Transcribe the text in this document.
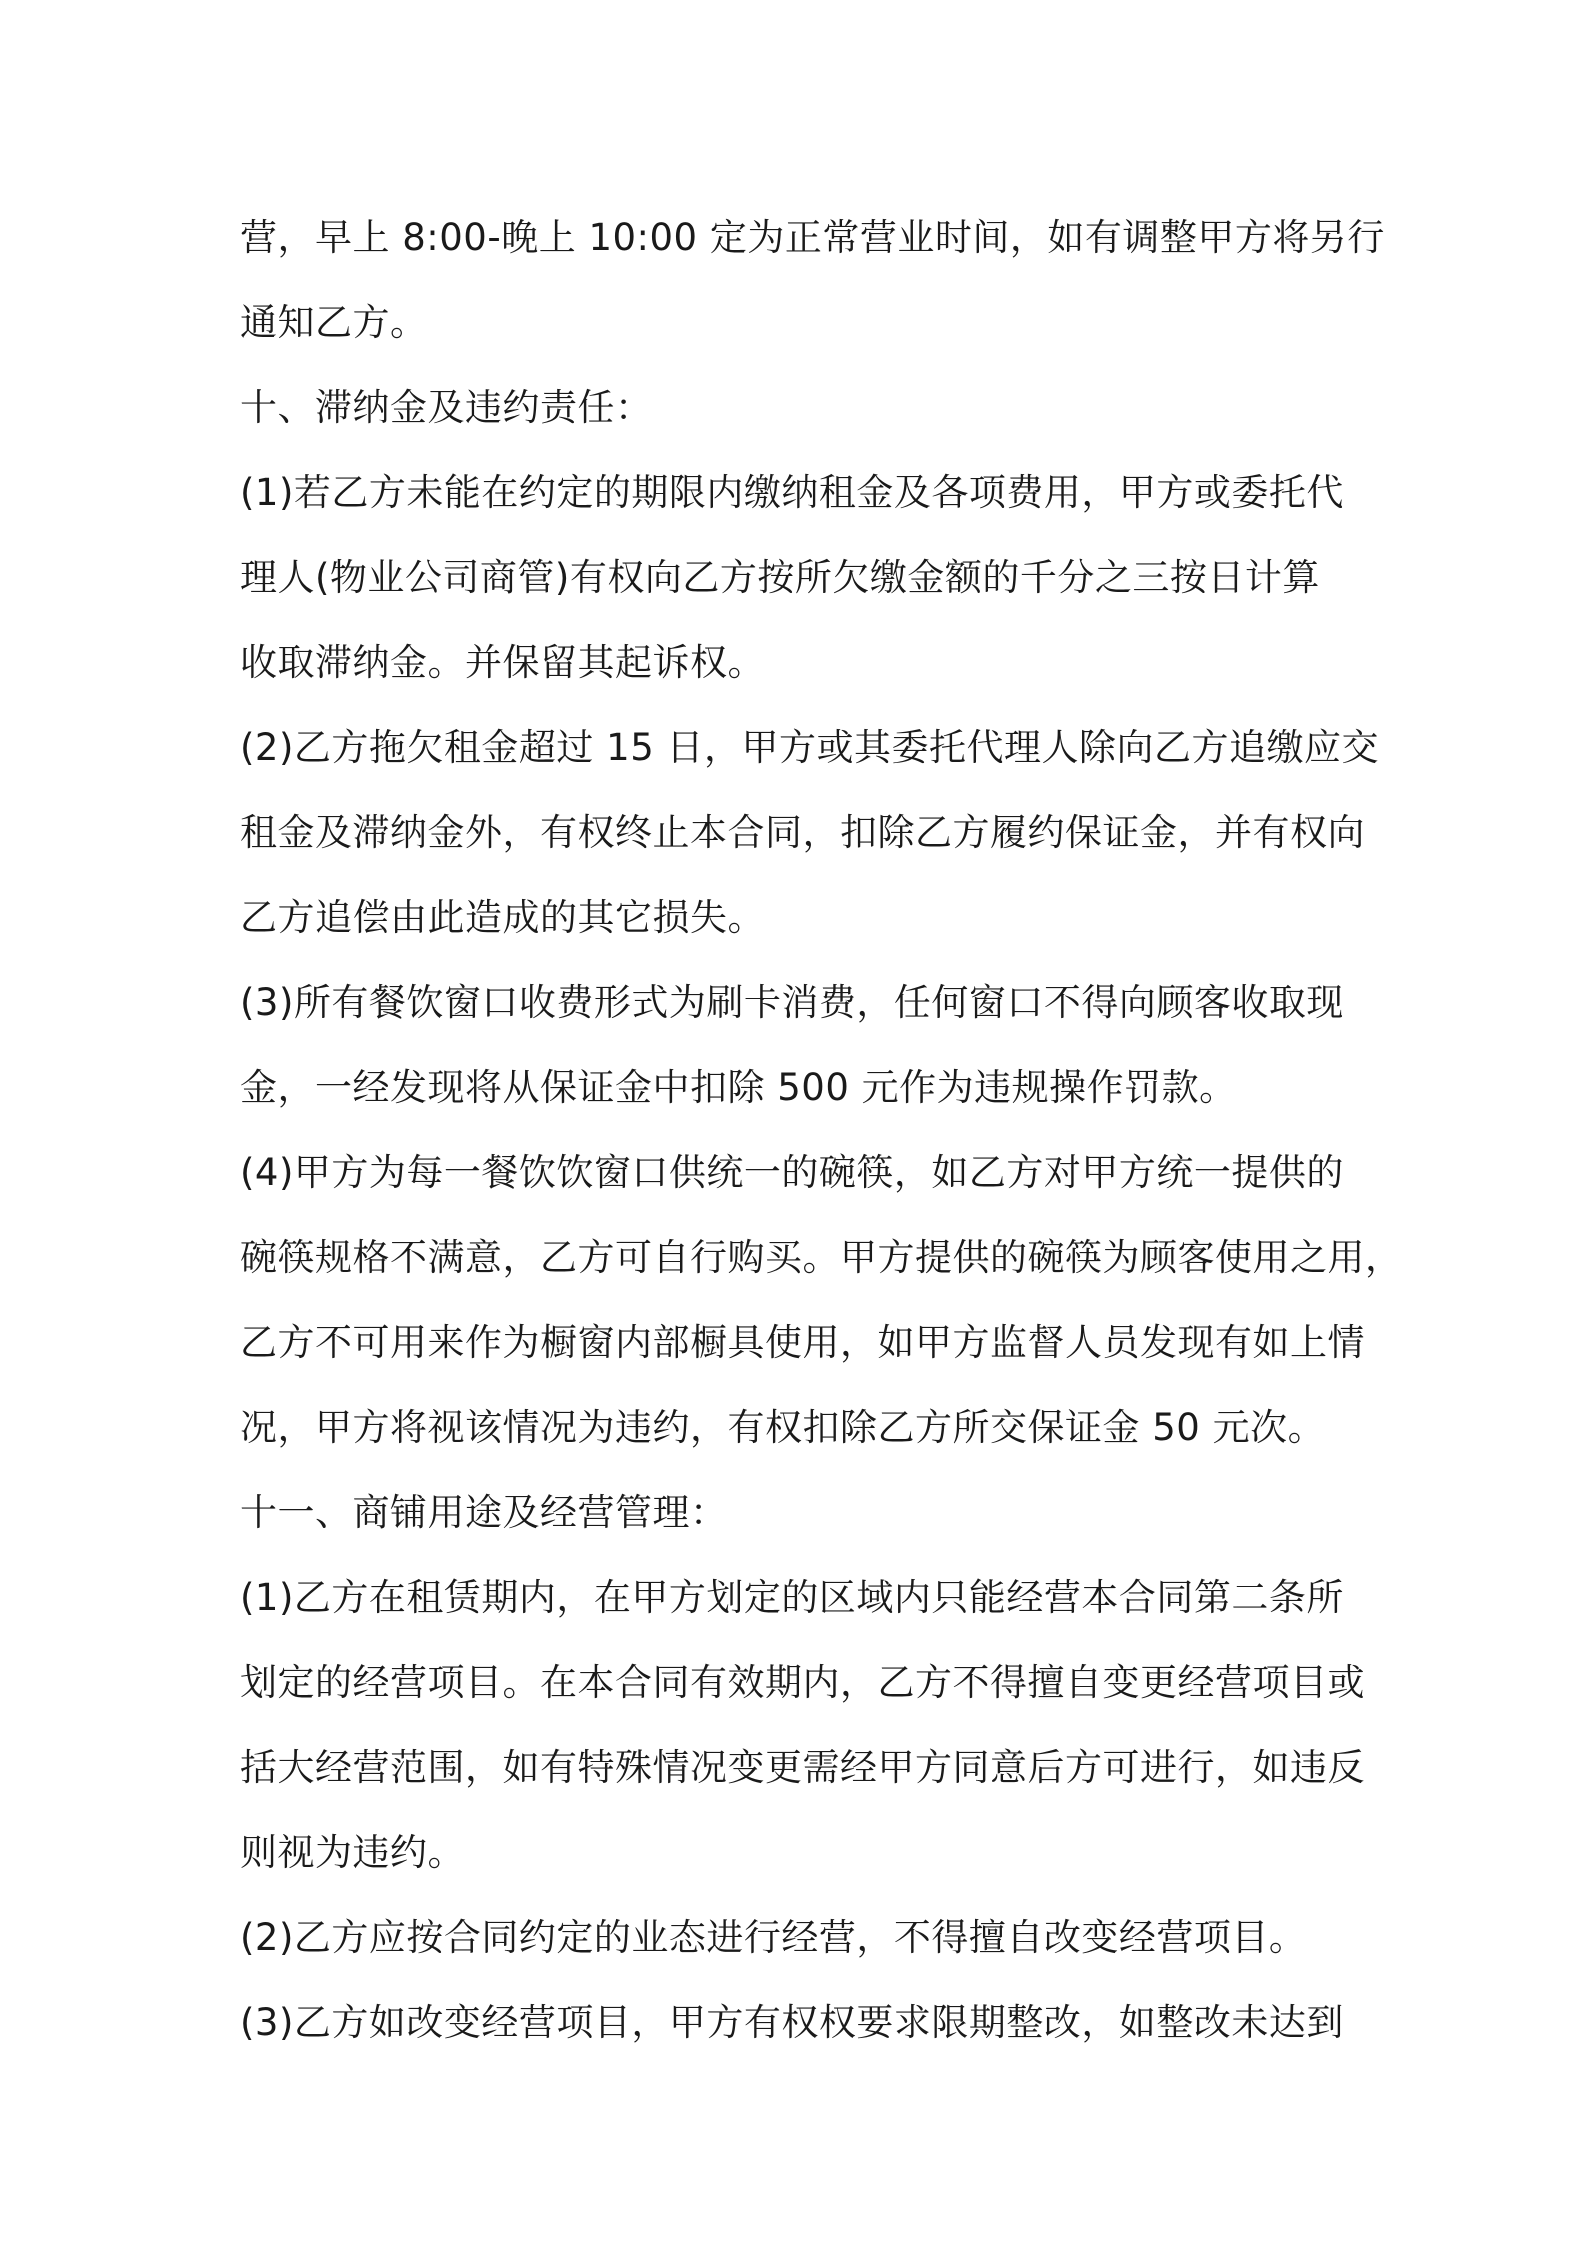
营，早上 8:00-晚上 10:00 定为正常营业时间，如有调整甲方将另行
通知乙方。
十、滞纳金及违约责任：
(1)若乙方未能在约定的期限内缴纳租金及各项费用，甲方或委托代
理人(物业公司商管)有权向乙方按所欠缴金额的千分之三按日计算
收取滞纳金。并保留其起诉权。
(2)乙方拖欠租金超过 15 日，甲方或其委托代理人除向乙方追缴应交
租金及滞纳金外，有权终止本合同，扣除乙方履约保证金，并有权向
乙方追偿由此造成的其它损失。
(3)所有餐饮窗口收费形式为刷卡消费，任何窗口不得向顾客收取现
金，一经发现将从保证金中扣除 500 元作为违规操作罚款。
(4)甲方为每一餐饮饮窗口供统一的碗筷，如乙方对甲方统一提供的
碗筷规格不满意，乙方可自行购买。甲方提供的碗筷为顾客使用之用，
乙方不可用来作为橱窗内部橱具使用，如甲方监督人员发现有如上情
况，甲方将视该情况为违约，有权扣除乙方所交保证金 50 元次。
十一、商铺用途及经营管理：
(1)乙方在租赁期内，在甲方划定的区域内只能经营本合同第二条所
划定的经营项目。在本合同有效期内，乙方不得擅自变更经营项目或
括大经营范围，如有特殊情况变更需经甲方同意后方可进行，如违反
则视为违约。
(2)乙方应按合同约定的业态进行经营，不得擅自改变经营项目。
(3)乙方如改变经营项目，甲方有权权要求限期整改，如整改未达到
